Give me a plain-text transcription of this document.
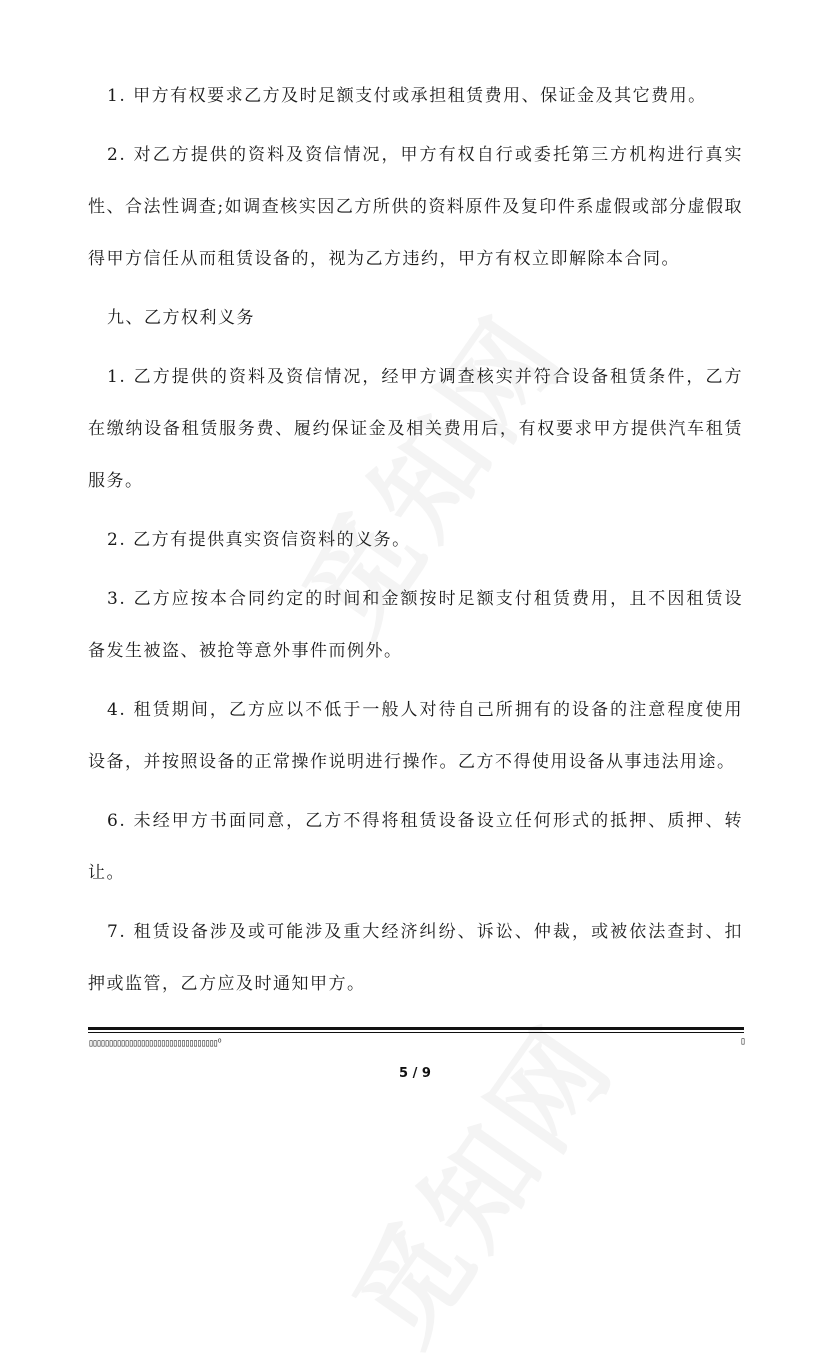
1. 甲方有权要求乙方及时足额支付或承担租赁费用、保证金及其它费用。

2. 对乙方提供的资料及资信情况，甲方有权自行或委托第三方机构进行真实性、合法性调查;如调查核实因乙方所供的资料原件及复印件系虚假或部分虚假取得甲方信任从而租赁设备的，视为乙方违约，甲方有权立即解除本合同。

九、乙方权利义务

1. 乙方提供的资料及资信情况，经甲方调查核实并符合设备租赁条件，乙方在缴纳设备租赁服务费、履约保证金及相关费用后，有权要求甲方提供汽车租赁服务。

2. 乙方有提供真实资信资料的义务。

3. 乙方应按本合同约定的时间和金额按时足额支付租赁费用，且不因租赁设备发生被盗、被抢等意外事件而例外。

4. 租赁期间，乙方应以不低于一般人对待自己所拥有的设备的注意程度使用设备，并按照设备的正常操作说明进行操作。乙方不得使用设备从事违法用途。

6. 未经甲方书面同意，乙方不得将租赁设备设立任何形式的抵押、质押、转让。

7. 租赁设备涉及或可能涉及重大经济纠纷、诉讼、仲裁，或被依法查封、扣押或监管，乙方应及时通知甲方。

▯▯▯▯▯▯▯▯▯▯▯▯▯▯▯▯▯▯▯▯▯▯▯▯▯▯▯▯▯▯▯▯ᴼ	▯
5 / 9
